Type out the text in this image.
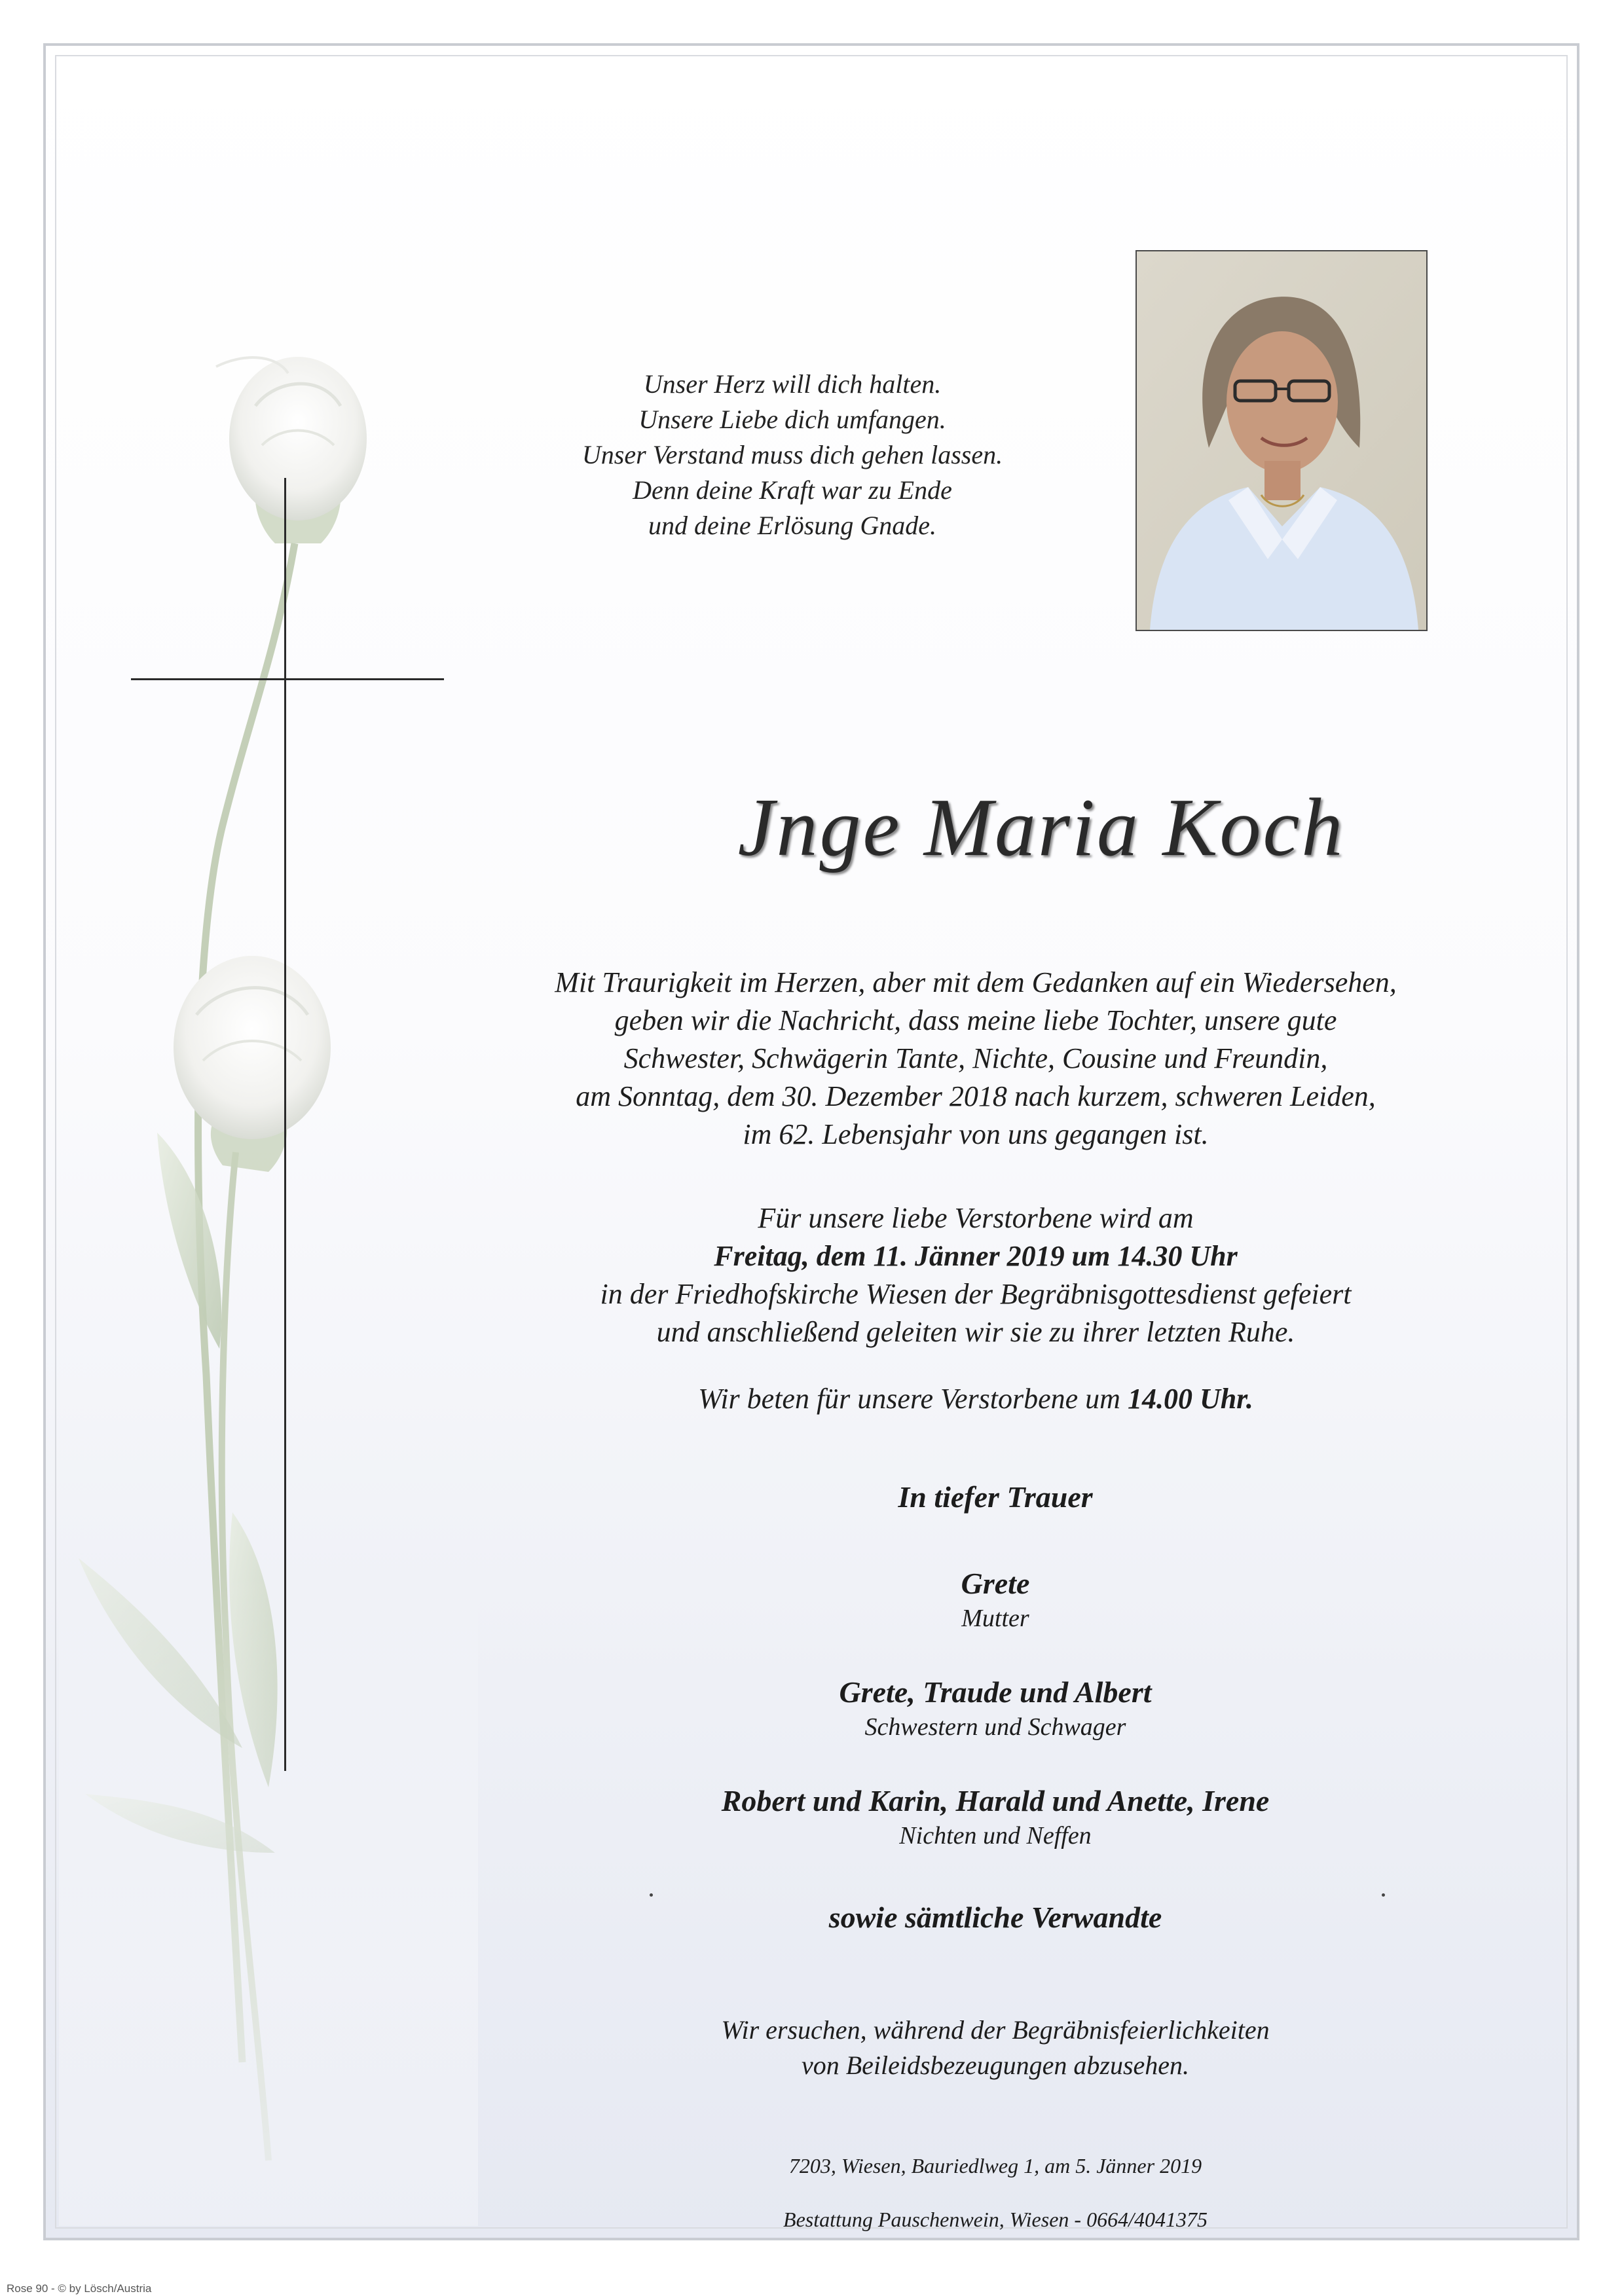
Unser Herz will dich halten.
Unsere Liebe dich umfangen.
Unser Verstand muss dich gehen lassen.
Denn deine Kraft war zu Ende
und deine Erlösung Gnade.
Jnge Maria Koch
Mit Traurigkeit im Herzen, aber mit dem Gedanken auf ein Wiedersehen,
geben wir die Nachricht, dass meine liebe Tochter, unsere gute
Schwester, Schwägerin Tante, Nichte, Cousine und Freundin,
am Sonntag, dem 30. Dezember 2018 nach kurzem, schweren Leiden,
im 62. Lebensjahr von uns gegangen ist.
Für unsere liebe Verstorbene wird am
Freitag, dem 11. Jänner 2019 um 14.30 Uhr
in der Friedhofskirche Wiesen der Begräbnisgottesdienst gefeiert
und anschließend geleiten wir sie zu ihrer letzten Ruhe.
Wir beten für unsere Verstorbene um 14.00 Uhr.
In tiefer Trauer
Grete
Mutter
Grete, Traude und Albert
Schwestern und Schwager
Robert und Karin, Harald und Anette, Irene
Nichten und Neffen
sowie sämtliche Verwandte
Wir ersuchen, während der Begräbnisfeierlichkeiten
von Beileidsbezeugungen abzusehen.
7203, Wiesen, Bauriedlweg 1, am 5. Jänner 2019
Bestattung Pauschenwein, Wiesen - 0664/4041375
Rose 90 - © by Lösch/Austria
